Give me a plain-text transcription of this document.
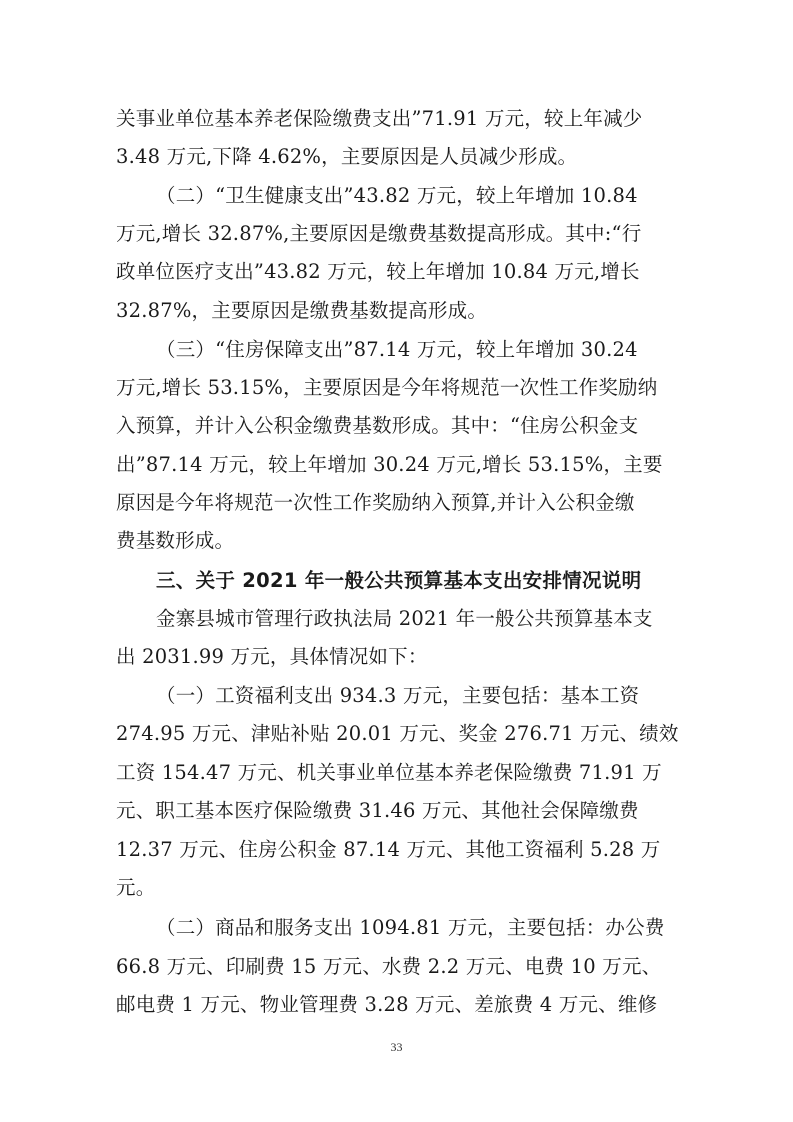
关事业单位基本养老保险缴费支出”71.91 万元，较上年减少
3.48 万元,下降 4.62%，主要原因是人员减少形成。
（二）“卫生健康支出”43.82 万元，较上年增加 10.84
万元,增长 32.87%,主要原因是缴费基数提高形成。其中:“行
政单位医疗支出”43.82 万元，较上年增加 10.84 万元,增长
32.87%，主要原因是缴费基数提高形成。
（三）“住房保障支出”87.14 万元，较上年增加 30.24
万元,增长 53.15%，主要原因是今年将规范一次性工作奖励纳
入预算，并计入公积金缴费基数形成。其中：“住房公积金支
出”87.14 万元，较上年增加 30.24 万元,增长 53.15%，主要
原因是今年将规范一次性工作奖励纳入预算,并计入公积金缴
费基数形成。
三、关于 2021 年一般公共预算基本支出安排情况说明
金寨县城市管理行政执法局 2021 年一般公共预算基本支
出 2031.99 万元，具体情况如下：
（一）工资福利支出 934.3 万元，主要包括：基本工资
274.95 万元、津贴补贴 20.01 万元、奖金 276.71 万元、绩效
工资 154.47 万元、机关事业单位基本养老保险缴费 71.91 万
元、职工基本医疗保险缴费 31.46 万元、其他社会保障缴费
12.37 万元、住房公积金 87.14 万元、其他工资福利 5.28 万
元。
（二）商品和服务支出 1094.81 万元，主要包括：办公费
66.8 万元、印刷费 15 万元、水费 2.2 万元、电费 10 万元、
邮电费 1 万元、物业管理费 3.28 万元、差旅费 4 万元、维修
33
